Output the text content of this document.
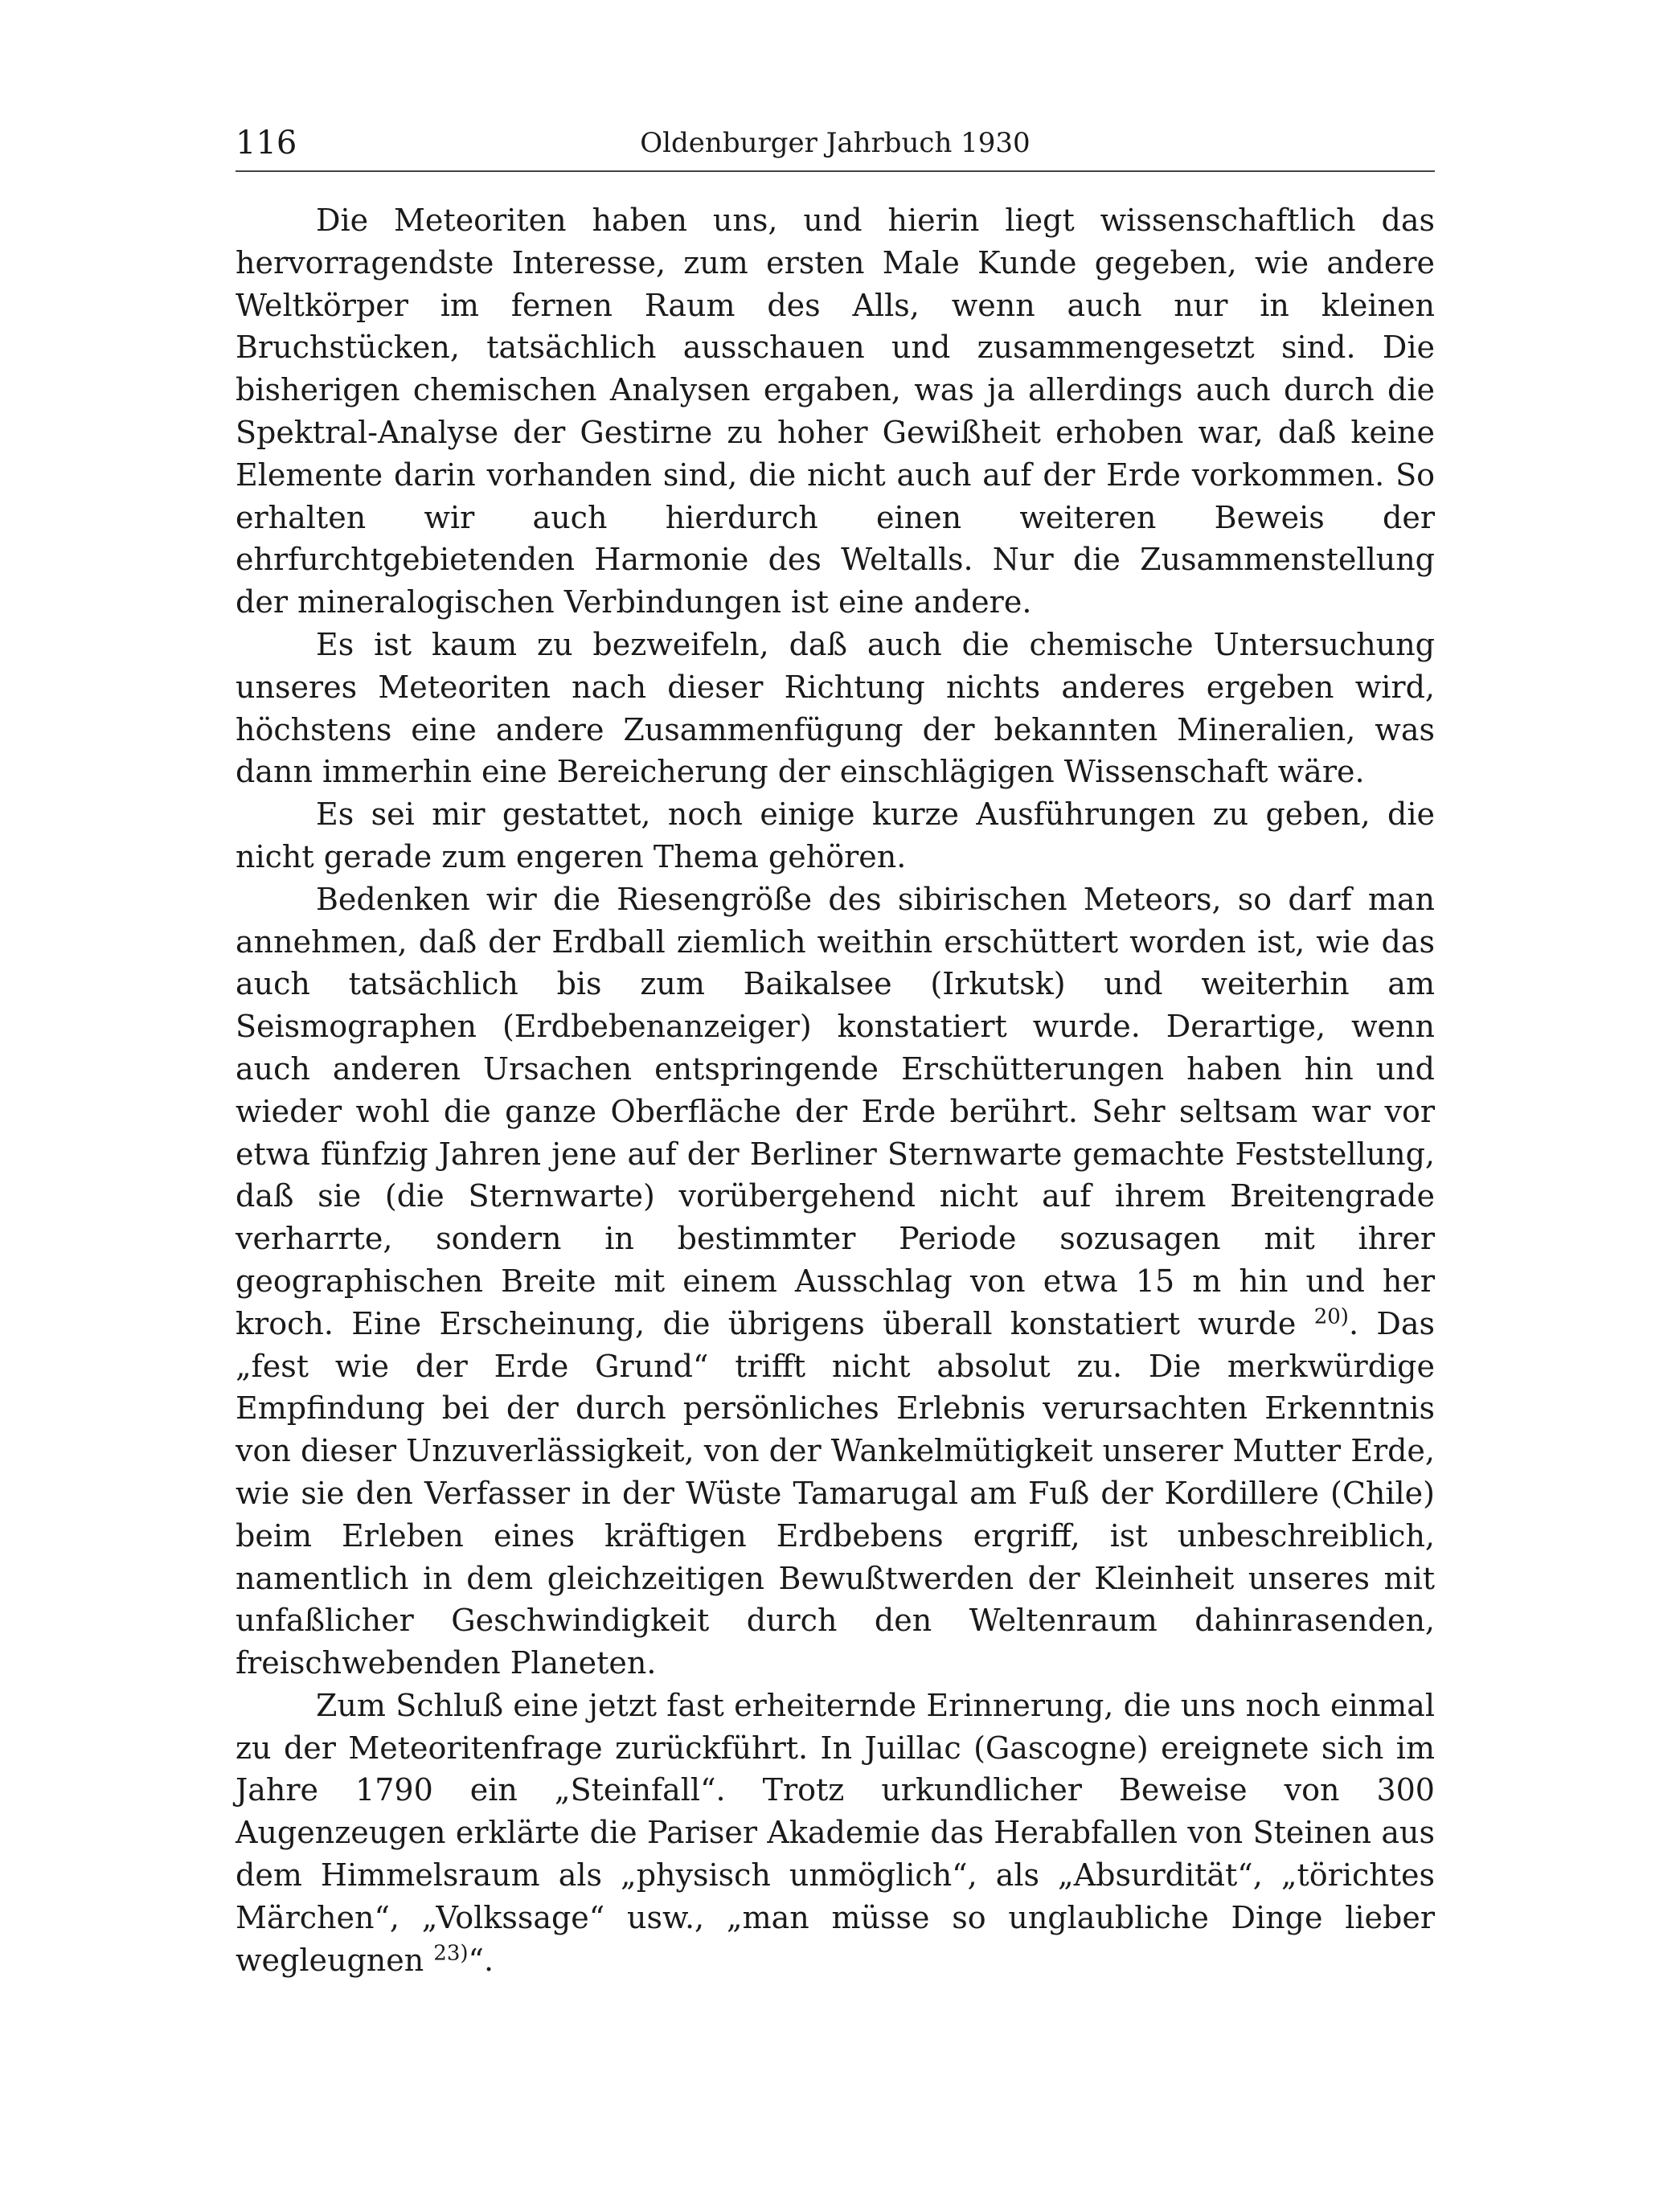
116	Oldenburger Jahrbuch 1930

Die Meteoriten haben uns, und hierin liegt wissenschaftlich das hervorragendste Interesse, zum ersten Male Kunde gegeben, wie andere Weltkörper im fernen Raum des Alls, wenn auch nur in kleinen Bruchstücken, tatsächlich ausschauen und zusammengesetzt sind. Die bisherigen chemischen Analysen ergaben, was ja allerdings auch durch die Spektral-Analyse der Gestirne zu hoher Gewißheit erhoben war, daß keine Elemente darin vorhanden sind, die nicht auch auf der Erde vorkommen. So erhalten wir auch hierdurch einen weiteren Beweis der ehrfurchtgebietenden Harmonie des Weltalls. Nur die Zusammenstellung der mineralogischen Verbindungen ist eine andere.

Es ist kaum zu bezweifeln, daß auch die chemische Untersuchung unseres Meteoriten nach dieser Richtung nichts anderes ergeben wird, höchstens eine andere Zusammenfügung der bekannten Mineralien, was dann immerhin eine Bereicherung der einschlägigen Wissenschaft wäre.

Es sei mir gestattet, noch einige kurze Ausführungen zu geben, die nicht gerade zum engeren Thema gehören.

Bedenken wir die Riesengröße des sibirischen Meteors, so darf man annehmen, daß der Erdball ziemlich weithin erschüttert worden ist, wie das auch tatsächlich bis zum Baikalsee (Irkutsk) und weiterhin am Seismographen (Erdbebenanzeiger) konstatiert wurde. Derartige, wenn auch anderen Ursachen entspringende Erschütterungen haben hin und wieder wohl die ganze Oberfläche der Erde berührt. Sehr seltsam war vor etwa fünfzig Jahren jene auf der Berliner Sternwarte gemachte Feststellung, daß sie (die Sternwarte) vorübergehend nicht auf ihrem Breitengrade verharrte, sondern in bestimmter Periode sozusagen mit ihrer geographischen Breite mit einem Ausschlag von etwa 15 m hin und her kroch. Eine Erscheinung, die übrigens überall konstatiert wurde $^{20)}$. Das „fest wie der Erde Grund“ trifft nicht absolut zu. Die merkwürdige Empfindung bei der durch persönliches Erlebnis verursachten Erkenntnis von dieser Unzuverlässigkeit, von der Wankelmütigkeit unserer Mutter Erde, wie sie den Verfasser in der Wüste Tamarugal am Fuß der Kordillere (Chile) beim Erleben eines kräftigen Erdbebens ergriff, ist unbeschreiblich, namentlich in dem gleichzeitigen Bewußtwerden der Kleinheit unseres mit unfaßlicher Geschwindigkeit durch den Weltenraum dahinrasenden, freischwebenden Planeten.

Zum Schluß eine jetzt fast erheiternde Erinnerung, die uns noch einmal zu der Meteoritenfrage zurückführt. In Juillac (Gascogne) ereignete sich im Jahre 1790 ein „Steinfall“. Trotz urkundlicher Beweise von 300 Augenzeugen erklärte die Pariser Akademie das Herabfallen von Steinen aus dem Himmelsraum als „physisch unmöglich“, als „Absurdität“, „törichtes Märchen“, „Volkssage“ usw., „man müsse so unglaubliche Dinge lieber wegleugnen $^{23)}$“.
